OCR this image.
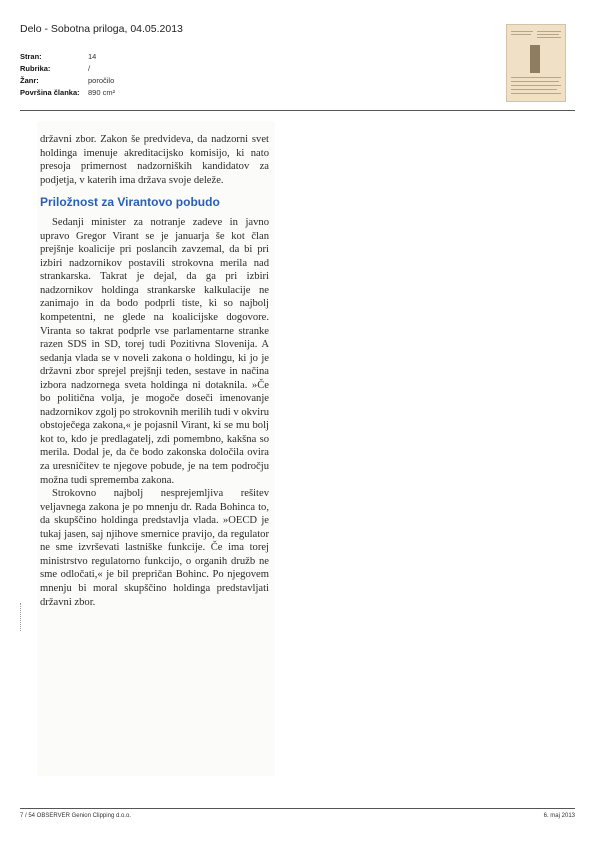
Delo - Sobotna priloga, 04.05.2013
Stran:	14
Rubrika:	/
Žanr:	poročilo
Površina članka:	890 cm²

državni zbor. Zakon še predvideva, da nadzorni svet holdinga imenuje akreditacijsko komisijo, ki nato presoja primernost nadzorniških kandidatov za podjetja, v katerih ima država svoje deleže.

Priložnost za Virantovo pobudo

Sedanji minister za notranje zadeve in javno upravo Gregor Virant se je januarja še kot član prejšnje koalicije pri poslancih zavzemal, da bi pri izbiri nadzornikov postavili strokovna merila nad strankarska. Takrat je dejal, da ga pri izbiri nadzornikov holdinga strankarske kalkulacije ne zanimajo in da bodo podprli tiste, ki so najbolj kompetentni, ne glede na koalicijske dogovore. Viranta so takrat podprle vse parlamentarne stranke razen SDS in SD, torej tudi Pozitivna Slovenija. A sedanja vlada se v noveli zakona o holdingu, ki jo je državni zbor sprejel prejšnji teden, sestave in načina izbora nadzornega sveta holdinga ni dotaknila. »Če bo politična volja, je mogoče doseči imenovanje nadzornikov zgolj po strokovnih merilih tudi v okviru obstoječega zakona,« je pojasnil Virant, ki se mu bolj kot to, kdo je predlagatelj, zdi pomembno, kakšna so merila. Dodal je, da če bodo zakonska določila ovira za uresničitev te njegove pobude, je na tem področju možna tudi sprememba zakona.

Strokovno najbolj nesprejemljiva rešitev veljavnega zakona je po mnenju dr. Rada Bohinca to, da skupščino holdinga predstavlja vlada. »OECD je tukaj jasen, saj njihove smernice pravijo, da regulator ne sme izvrševati lastniške funkcije. Če ima torej ministrstvo regulatorno funkcijo, o organih družb ne sme odločati,« je bil prepričan Bohinc. Po njegovem mnenju bi moral skupščino holdinga predstavljati državni zbor.

7 / 54 OBSERVER Genion Clipping d.o.o.	6. maj 2013
